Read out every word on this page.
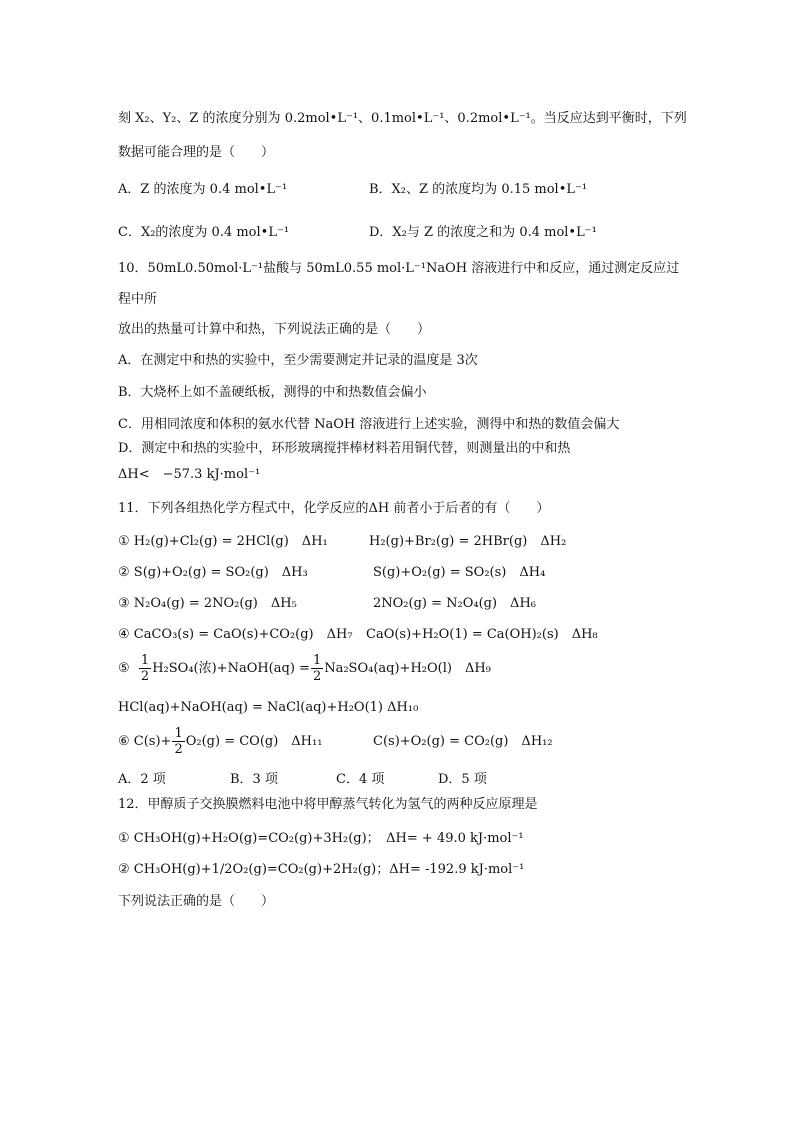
刻 X₂、Y₂、Z 的浓度分别为 0.2mol•L⁻¹、0.1mol•L⁻¹、0.2mol•L⁻¹。当反应达到平衡时，下列
数据可能合理的是（　　）
A．Z 的浓度为 0.4 mol•L⁻¹	B．X₂、Z 的浓度均为 0.15 mol•L⁻¹
C．X₂的浓度为 0.4 mol•L⁻¹	D．X₂与 Z 的浓度之和为 0.4 mol•L⁻¹
10．50mL0.50mol·L⁻¹盐酸与 50mL0.55 mol·L⁻¹NaOH 溶液进行中和反应，通过测定反应过
程中所
放出的热量可计算中和热，下列说法正确的是（　　）
A．在测定中和热的实验中，至少需要测定并记录的温度是 3次
B．大烧杯上如不盖硬纸板，测得的中和热数值会偏小
C．用相同浓度和体积的氨水代替 NaOH 溶液进行上述实验，测得中和热的数值会偏大
D．测定中和热的实验中，环形玻璃搅拌棒材料若用铜代替，则测量出的中和热
ΔH<　−57.3 kJ·mol⁻¹
11．下列各组热化学方程式中，化学反应的ΔH 前者小于后者的有（　　）
① H₂(g)+Cl₂(g) = 2HCl(g)　ΔH₁	H₂(g)+Br₂(g) = 2HBr(g)　ΔH₂
② S(g)+O₂(g) = SO₂(g)　ΔH₃	S(g)+O₂(g) = SO₂(s)　ΔH₄
③ N₂O₄(g) = 2NO₂(g)　ΔH₅	2NO₂(g) = N₂O₄(g)　ΔH₆
④ CaCO₃(s) = CaO(s)+CO₂(g)　ΔH₇ CaO(s)+H₂O(1) = Ca(OH)₂(s)　ΔH₈
⑤ $\frac{1}{2} H_2SO_4$(浓)+NaOH(aq) = $\frac{1}{2} Na_2SO_4(aq)+H_2O(l)$　ΔH₉
HCl(aq)+NaOH(aq) = NaCl(aq)+H₂O(1) ΔH₁₀
⑥ $C(s)+ \frac{1}{2} O_2(g) = CO(g)$　ΔH₁₁	C(s)+O₂(g) = CO₂(g)　ΔH₁₂
A．2 项	B．3 项	C．4 项	D．5 项
12．甲醇质子交换膜燃料电池中将甲醇蒸气转化为氢气的两种反应原理是
① CH₃OH(g)+H₂O(g)=CO₂(g)+3H₂(g)；　ΔH= + 49.0 kJ·mol⁻¹
② CH₃OH(g)+1/2O₂(g)=CO₂(g)+2H₂(g)；ΔH= -192.9 kJ·mol⁻¹
下列说法正确的是（　　）
